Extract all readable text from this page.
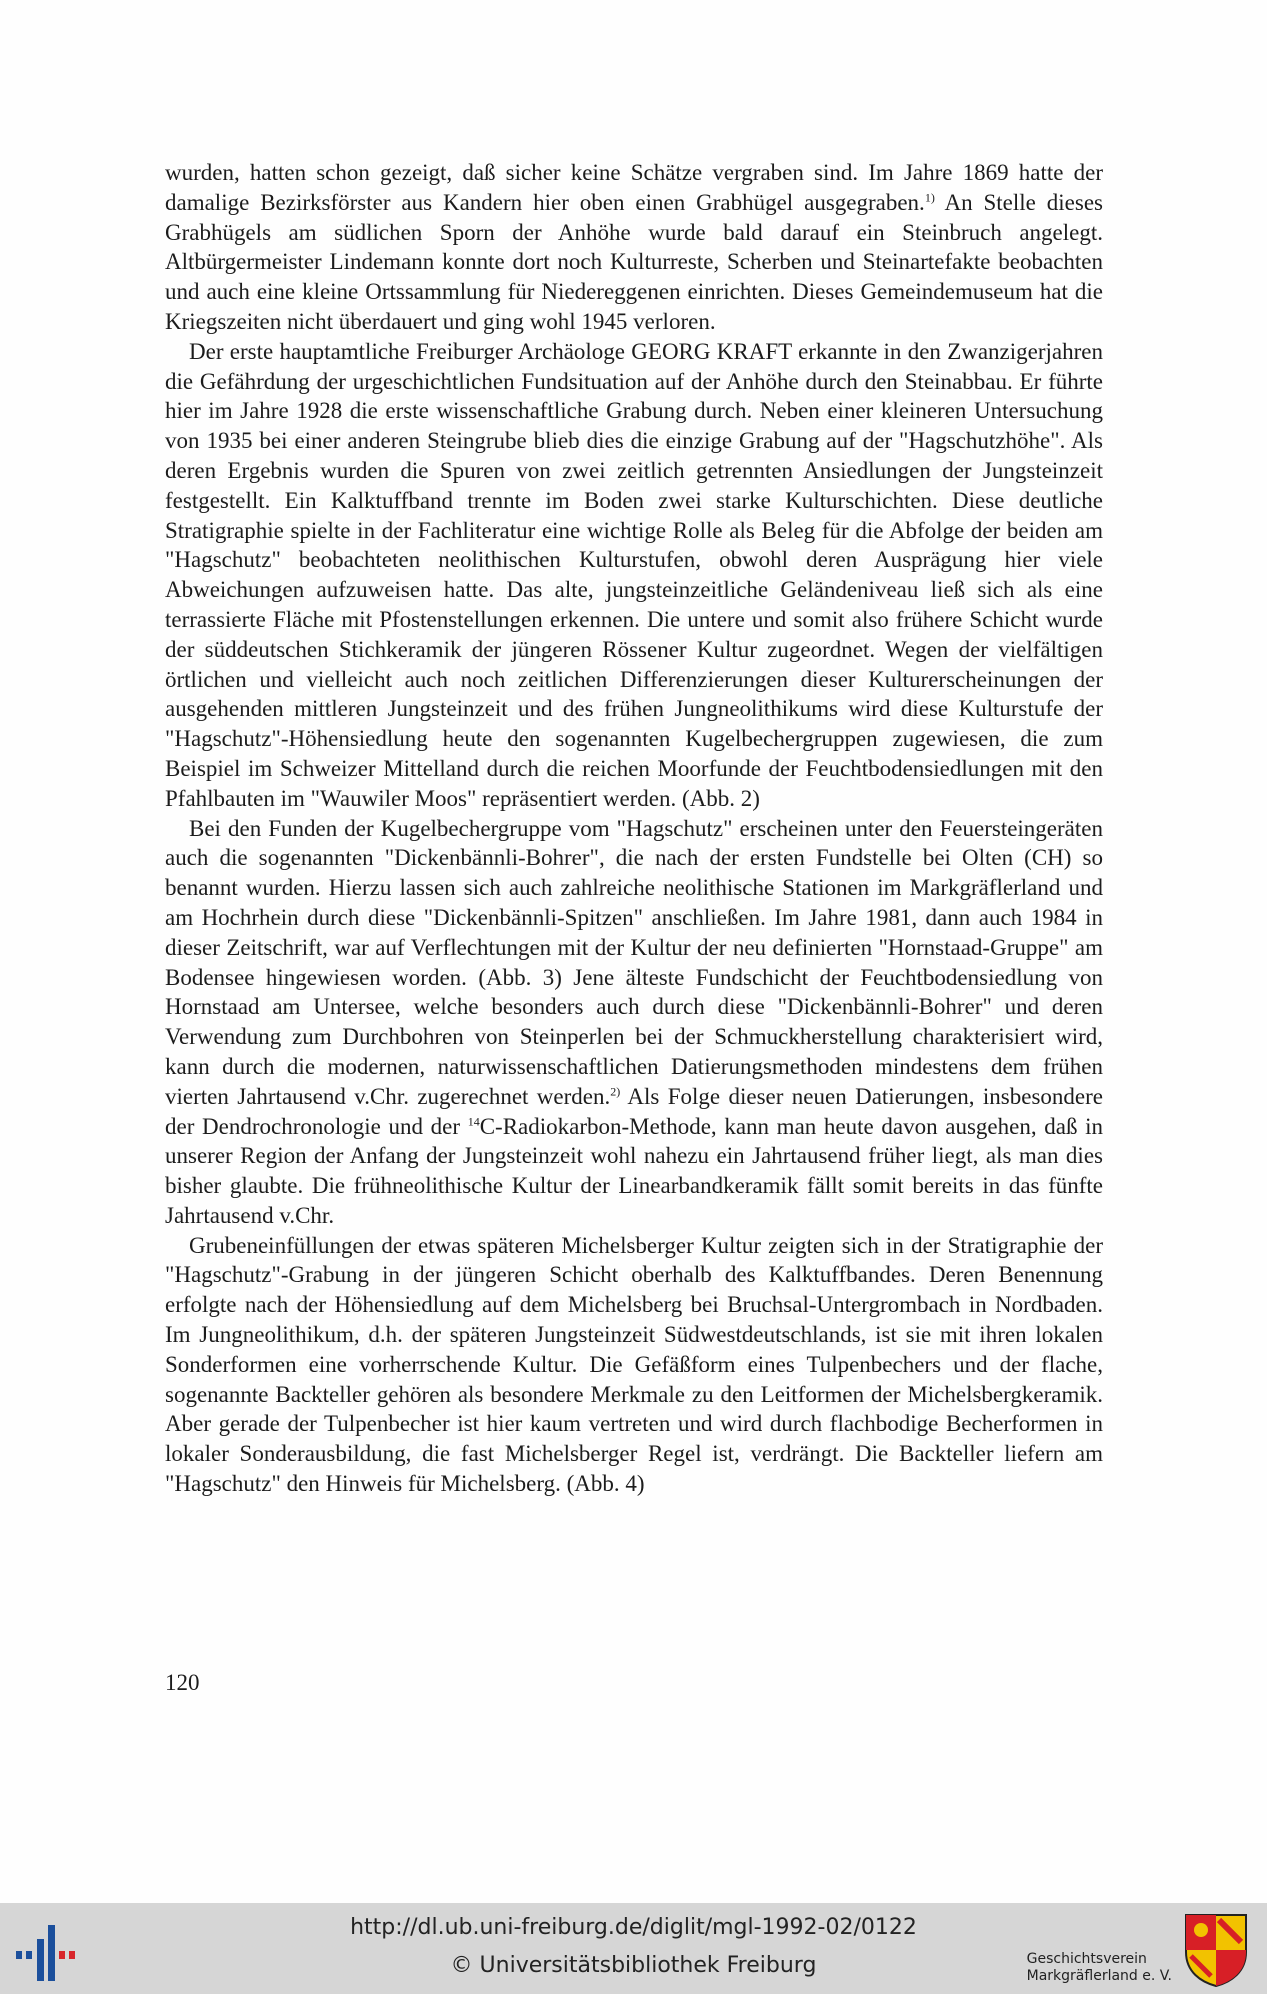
wurden, hatten schon gezeigt, daß sicher keine Schätze vergraben sind. Im Jahre 1869 hatte der damalige Bezirksförster aus Kandern hier oben einen Grabhügel ausgegraben.$^{1)}$ An Stelle dieses Grabhügels am südlichen Sporn der Anhöhe wurde bald darauf ein Steinbruch angelegt. Altbürgermeister Lindemann konnte dort noch Kulturreste, Scherben und Steinartefakte beobachten und auch eine kleine Ortssammlung für Niedereggenen einrichten. Dieses Gemeindemuseum hat die Kriegszeiten nicht überdauert und ging wohl 1945 verloren.

Der erste hauptamtliche Freiburger Archäologe GEORG KRAFT erkannte in den Zwanzigerjahren die Gefährdung der urgeschichtlichen Fundsituation auf der Anhöhe durch den Steinabbau. Er führte hier im Jahre 1928 die erste wissenschaftliche Grabung durch. Neben einer kleineren Untersuchung von 1935 bei einer anderen Steingrube blieb dies die einzige Grabung auf der "Hagschutzhöhe". Als deren Ergebnis wurden die Spuren von zwei zeitlich getrennten Ansiedlungen der Jungsteinzeit festgestellt. Ein Kalktuffband trennte im Boden zwei starke Kulturschichten. Diese deutliche Stratigraphie spielte in der Fachliteratur eine wichtige Rolle als Beleg für die Abfolge der beiden am "Hagschutz" beobachteten neolithischen Kulturstufen, obwohl deren Ausprägung hier viele Abweichungen aufzuweisen hatte. Das alte, jungsteinzeitliche Geländeniveau ließ sich als eine terrassierte Fläche mit Pfostenstellungen erkennen. Die untere und somit also frühere Schicht wurde der süddeutschen Stichkeramik der jüngeren Rössener Kultur zugeordnet. Wegen der vielfältigen örtlichen und vielleicht auch noch zeitlichen Differenzierungen dieser Kulturerscheinungen der ausgehenden mittleren Jungsteinzeit und des frühen Jungneolithikums wird diese Kulturstufe der "Hagschutz"-Höhensiedlung heute den sogenannten Kugelbechergruppen zugewiesen, die zum Beispiel im Schweizer Mittelland durch die reichen Moorfunde der Feuchtbodensiedlungen mit den Pfahlbauten im "Wauwiler Moos" repräsentiert werden. (Abb. 2)

Bei den Funden der Kugelbechergruppe vom "Hagschutz" erscheinen unter den Feuersteingeräten auch die sogenannten "Dickenbännli-Bohrer", die nach der ersten Fundstelle bei Olten (CH) so benannt wurden. Hierzu lassen sich auch zahlreiche neolithische Stationen im Markgräflerland und am Hochrhein durch diese "Dickenbännli-Spitzen" anschließen. Im Jahre 1981, dann auch 1984 in dieser Zeitschrift, war auf Verflechtungen mit der Kultur der neu definierten "Hornstaad-Gruppe" am Bodensee hingewiesen worden. (Abb. 3) Jene älteste Fundschicht der Feuchtbodensiedlung von Hornstaad am Untersee, welche besonders auch durch diese "Dickenbännli-Bohrer" und deren Verwendung zum Durchbohren von Steinperlen bei der Schmuckherstellung charakterisiert wird, kann durch die modernen, naturwissenschaftlichen Datierungsmethoden mindestens dem frühen vierten Jahrtausend v.Chr. zugerechnet werden.$^{2)}$ Als Folge dieser neuen Datierungen, insbesondere der Dendrochronologie und der $^{14}$C-Radiokarbon-Methode, kann man heute davon ausgehen, daß in unserer Region der Anfang der Jungsteinzeit wohl nahezu ein Jahrtausend früher liegt, als man dies bisher glaubte. Die frühneolithische Kultur der Linearbandkeramik fällt somit bereits in das fünfte Jahrtausend v.Chr.

Grubeneinfüllungen der etwas späteren Michelsberger Kultur zeigten sich in der Stratigraphie der "Hagschutz"-Grabung in der jüngeren Schicht oberhalb des Kalktuffbandes. Deren Benennung erfolgte nach der Höhensiedlung auf dem Michelsberg bei Bruchsal-Untergrombach in Nordbaden. Im Jungneolithikum, d.h. der späteren Jungsteinzeit Südwestdeutschlands, ist sie mit ihren lokalen Sonderformen eine vorherrschende Kultur. Die Gefäßform eines Tulpenbechers und der flache, sogenannte Backteller gehören als besondere Merkmale zu den Leitformen der Michelsbergkeramik. Aber gerade der Tulpenbecher ist hier kaum vertreten und wird durch flachbodige Becherformen in lokaler Sonderausbildung, die fast Michelsberger Regel ist, verdrängt. Die Backteller liefern am "Hagschutz" den Hinweis für Michelsberg. (Abb. 4)

120
http://dl.ub.uni-freiburg.de/diglit/mgl-1992-02/0122
© Universitätsbibliothek Freiburg	Geschichtsverein
Markgräflerland e. V.
